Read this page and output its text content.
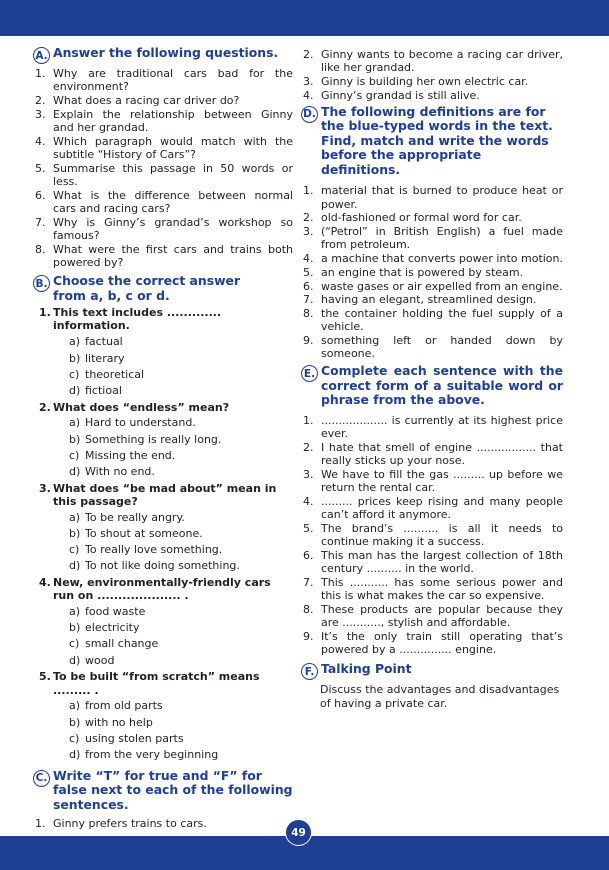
A. Answer the following questions.
1. Why are traditional cars bad for the environment?
2. What does a racing car driver do?
3. Explain the relationship between Ginny and her grandad.
4. Which paragraph would match with the subtitle “History of Cars”?
5. Summarise this passage in 50 words or less.
6. What is the difference between normal cars and racing cars?
7. Why is Ginny’s grandad’s workshop so famous?
8. What were the first cars and trains both powered by?
B. Choose the correct answer from a, b, c or d.
1. This text includes ............. information.
a) factual
b) literary
c) theoretical
d) fictioal
2. What does “endless” mean?
a) Hard to understand.
b) Something is really long.
c) Missing the end.
d) With no end.
3. What does “be mad about” mean in this passage?
a) To be really angry.
b) To shout at someone.
c) To really love something.
d) To not like doing something.
4. New, environmentally-friendly cars run on .................... .
a) food waste
b) electricity
c) small change
d) wood
5. To be built “from scratch” means ......... .
a) from old parts
b) with no help
c) using stolen parts
d) from the very beginning
C. Write “T” for true and “F” for false next to each of the following sentences.
1. Ginny prefers trains to cars.
2. Ginny wants to become a racing car driver, like her grandad.
3. Ginny is building her own electric car.
4. Ginny’s grandad is still alive.
D. The following definitions are for the blue-typed words in the text. Find, match and write the words before the appropriate definitions.
1. material that is burned to produce heat or power.
2. old-fashioned or formal word for car.
3. (“Petrol” in British English) a fuel made from petroleum.
4. a machine that converts power into motion.
5. an engine that is powered by steam.
6. waste gases or air expelled from an engine.
7. having an elegant, streamlined design.
8. the container holding the fuel supply of a vehicle.
9. something left or handed down by someone.
E. Complete each sentence with the correct form of a suitable word or phrase from the above.
1. ................... is currently at its highest price ever.
2. I hate that smell of engine ................. that really sticks up your nose.
3. We have to fill the gas ......... up before we return the rental car.
4. ......... prices keep rising and many people can’t afford it anymore.
5. The brand’s .......... is all it needs to continue making it a success.
6. This man has the largest collection of 18th century .......... in the world.
7. This ........... has some serious power and this is what makes the car so expensive.
8. These products are popular because they are ..........., stylish and affordable.
9. It’s the only train still operating that’s powered by a ............... engine.
F. Talking Point
Discuss the advantages and disadvantages of having a private car.
49
